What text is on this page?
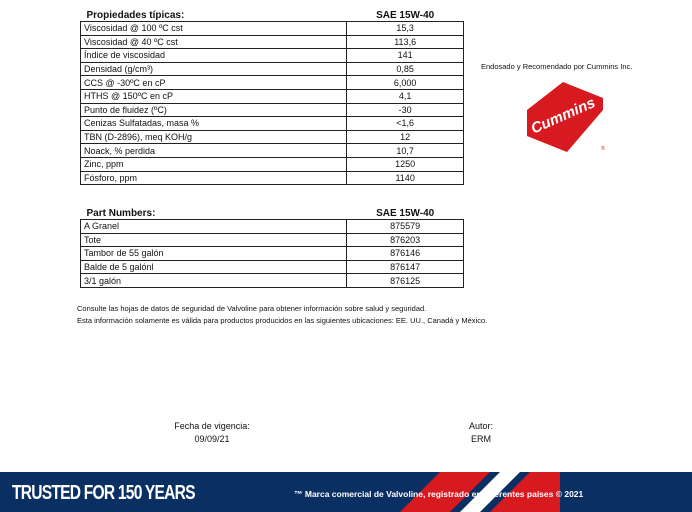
Propiedades típicas:	SAE 15W-40
Viscosidad @ 100 ºC cst	15,3
Viscosidad @ 40 ºC cst	113,6
Índice de viscosidad	141
Densidad (g/cm³)	0,85
CCS @ -30ºC en cP	6,000
HTHS @ 150ºC en cP	4,1
Punto de fluidez (ºC)	-30
Cenizas Sulfatadas, masa %	<1,6
TBN (D-2896), meq KOH/g	12
Noack, % perdida	10,7
Zinc, ppm	1250
Fósforo, ppm	1140
Part Numbers:	SAE 15W-40
A Granel	875579
Tote	876203
Tambor de 55 galón	876146
Balde de 5 galónl	876147
3/1 galón	876125
Endosado y Recomendado por Cummins Inc.
Cummins
®
Consulte las hojas de datos de seguridad de Valvoline para obtener información sobre salud y seguridad.
Esta información solamente es válida para productos producidos en las siguientes ubicaciones: EE. UU., Canadá y México.
Fecha de vigencia:
09/09/21
Autor:
ERM
TRUSTED FOR 150 YEARS	™ Marca comercial de Valvoline, registrado en diferentes países © 2021
